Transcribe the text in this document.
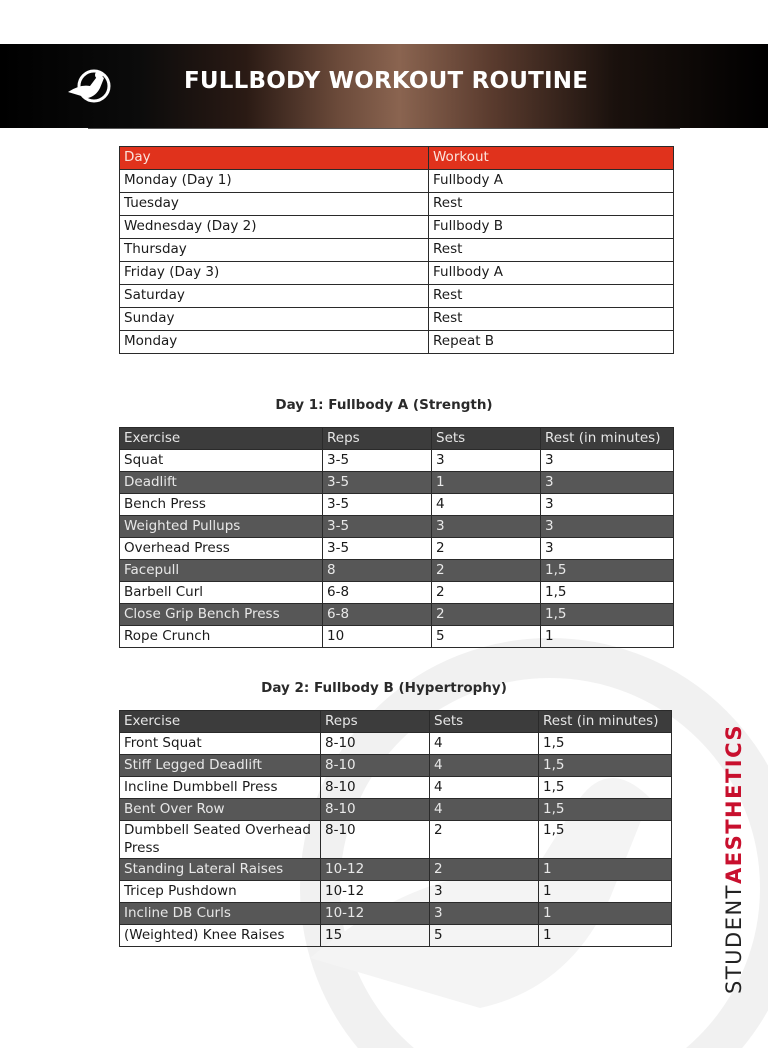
FULLBODY WORKOUT ROUTINE
STUDENTAESTHETICS
Day	Workout
Monday (Day 1)	Fullbody A
Tuesday	Rest
Wednesday (Day 2)	Fullbody B
Thursday	Rest
Friday (Day 3)	Fullbody A
Saturday	Rest
Sunday	Rest
Monday	Repeat B
Day 1: Fullbody A (Strength)
Exercise	Reps	Sets	Rest (in minutes)
Squat	3-5	3	3
Deadlift	3-5	1	3
Bench Press	3-5	4	3
Weighted Pullups	3-5	3	3
Overhead Press	3-5	2	3
Facepull	8	2	1,5
Barbell Curl	6-8	2	1,5
Close Grip Bench Press	6-8	2	1,5
Rope Crunch	10	5	1
Day 2: Fullbody B (Hypertrophy)
Exercise	Reps	Sets	Rest (in minutes)
Front Squat	8-10	4	1,5
Stiff Legged Deadlift	8-10	4	1,5
Incline Dumbbell Press	8-10	4	1,5
Bent Over Row	8-10	4	1,5
Dumbbell Seated Overhead Press	8-10	2	1,5
Standing Lateral Raises	10-12	2	1
Tricep Pushdown	10-12	3	1
Incline DB Curls	10-12	3	1
(Weighted) Knee Raises	15	5	1
